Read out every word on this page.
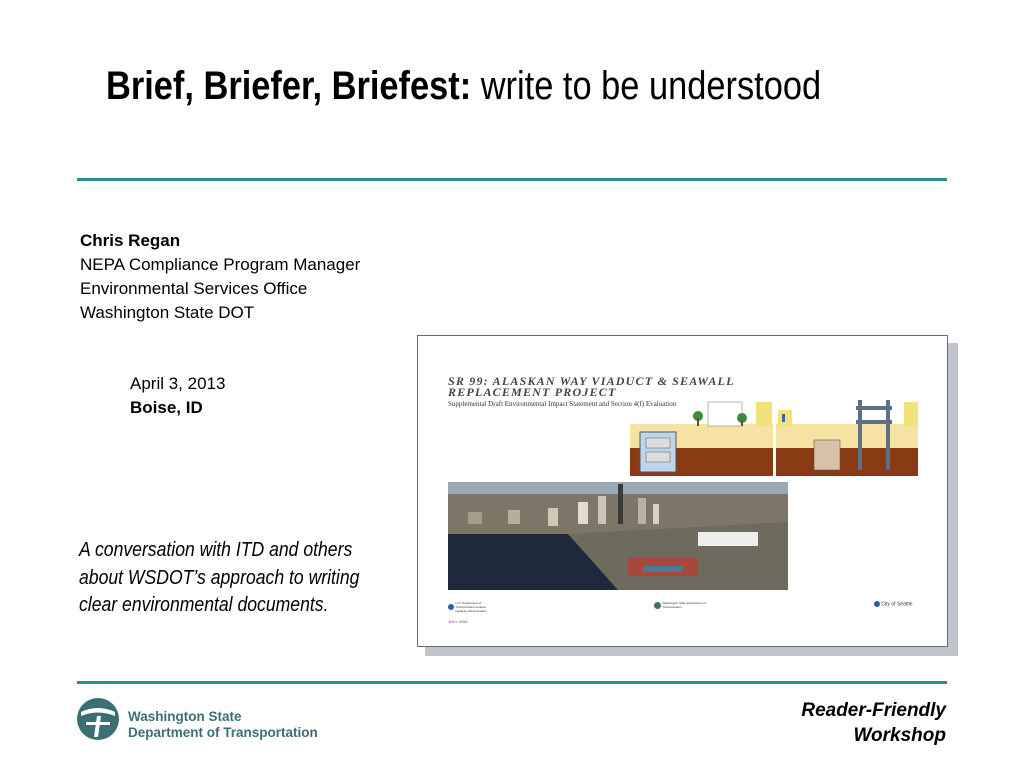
Brief, Briefer, Briefest: write to be understood
Chris Regan
NEPA Compliance Program Manager
Environmental Services Office
Washington State DOT
April 3, 2013
Boise, ID
A conversation with ITD and others about WSDOT’s approach to writing clear environmental documents.
SR 99: ALASKAN WAY VIADUCT & SEAWALL
REPLACEMENT PROJECT
Supplemental Draft Environmental Impact Statement and Section 4(f) Evaluation
U.S. Department of Transportation Federal Highway Administration
Washington State Department of Transportation	City of Seattle
JULY 2006
Washington State
Department of Transportation
Reader-Friendly
Workshop
